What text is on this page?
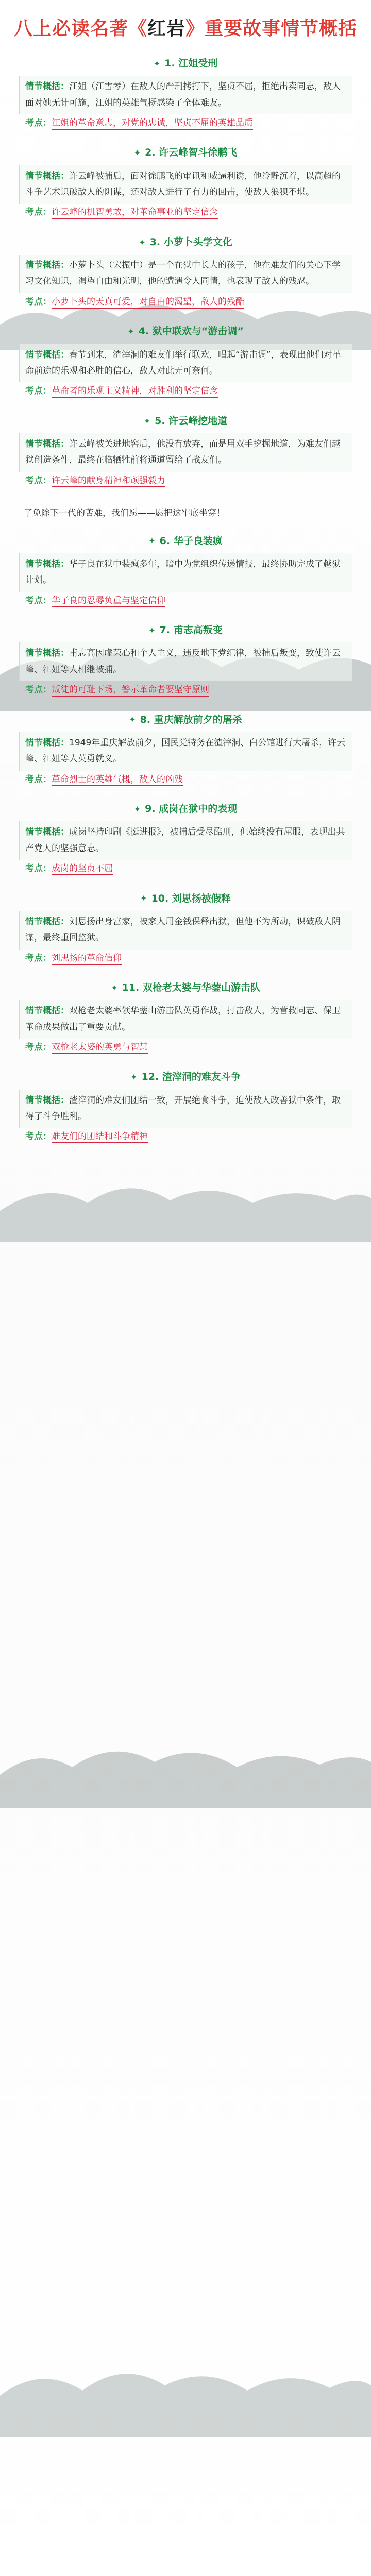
八上必读名著《红岩》重要故事情节概括
✦ 1. 江姐受刑
情节概括：江姐（江雪琴）在敌人的严刑拷打下，坚贞不屈，拒绝出卖同志，敌人面对她无计可施，江姐的英雄气概感染了全体难友。
考点：江姐的革命意志，对党的忠诚，坚贞不屈的英雄品质
✦ 2. 许云峰智斗徐鹏飞
情节概括：许云峰被捕后，面对徐鹏飞的审讯和威逼利诱，他冷静沉着，以高超的斗争艺术识破敌人的阴谋，还对敌人进行了有力的回击，使敌人狼狈不堪。
考点：许云峰的机智勇敢，对革命事业的坚定信念
✦ 3. 小萝卜头学文化
情节概括：小萝卜头（宋振中）是一个在狱中长大的孩子，他在难友们的关心下学习文化知识，渴望自由和光明，他的遭遇令人同情，也表现了敌人的残忍。
考点：小萝卜头的天真可爱，对自由的渴望，敌人的残酷
✦ 4. 狱中联欢与“游击调”
情节概括：春节到来，渣滓洞的难友们举行联欢，唱起“游击调”，表现出他们对革命前途的乐观和必胜的信心，敌人对此无可奈何。
考点：革命者的乐观主义精神，对胜利的坚定信念
✦ 5. 许云峰挖地道
情节概括：许云峰被关进地窖后，他没有放弃，而是用双手挖掘地道，为难友们越狱创造条件，最终在临牺牲前将通道留给了战友们。
考点：许云峰的献身精神和顽强毅力
了免除下一代的苦难，我们愿——愿把这牢底坐穿！
✦ 6. 华子良装疯
情节概括：华子良在狱中装疯多年，暗中为党组织传递情报，最终协助完成了越狱计划。
考点：华子良的忍辱负重与坚定信仰
✦ 7. 甫志高叛变
情节概括：甫志高因虚荣心和个人主义，违反地下党纪律，被捕后叛变，致使许云峰、江姐等人相继被捕。
考点：叛徒的可耻下场，警示革命者要坚守原则
✦ 8. 重庆解放前夕的屠杀
情节概括：1949年重庆解放前夕，国民党特务在渣滓洞、白公馆进行大屠杀，许云峰、江姐等人英勇就义。
考点：革命烈士的英雄气概，敌人的凶残
✦ 9. 成岗在狱中的表现
情节概括：成岗坚持印刷《挺进报》，被捕后受尽酷刑，但始终没有屈服，表现出共产党人的坚强意志。
考点：成岗的坚贞不屈
✦ 10. 刘思扬被假释
情节概括：刘思扬出身富家，被家人用金钱保释出狱，但他不为所动，识破敌人阴谋，最终重回监狱。
考点：刘思扬的革命信仰
✦ 11. 双枪老太婆与华蓥山游击队
情节概括：双枪老太婆率领华蓥山游击队英勇作战，打击敌人，为营救同志、保卫革命成果做出了重要贡献。
考点：双枪老太婆的英勇与智慧
✦ 12. 渣滓洞的难友斗争
情节概括：渣滓洞的难友们团结一致，开展绝食斗争，迫使敌人改善狱中条件，取得了斗争胜利。
考点：难友们的团结和斗争精神
